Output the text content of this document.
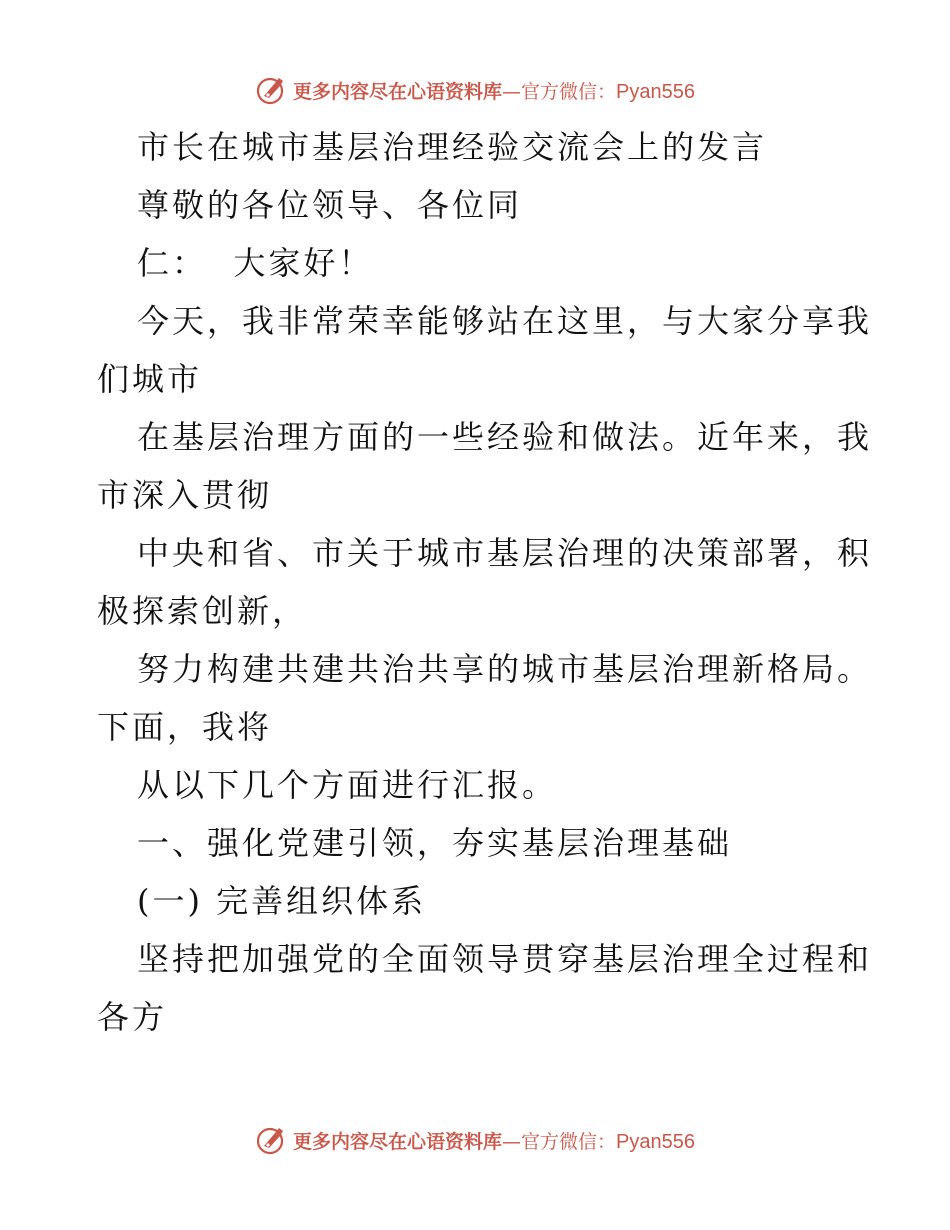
更多内容尽在心语资料库—官方微信：Pyan556
市长在城市基层治理经验交流会上的发言
尊敬的各位领导、各位同
仁：  大家好！
今天，我非常荣幸能够站在这里，与大家分享我
们城市
在基层治理方面的一些经验和做法。近年来，我
市深入贯彻
中央和省、市关于城市基层治理的决策部署，积
极探索创新，
努力构建共建共治共享的城市基层治理新格局。
下面，我将
从以下几个方面进行汇报。
一、强化党建引领，夯实基层治理基础
(一) 完善组织体系
坚持把加强党的全面领导贯穿基层治理全过程和
各方
更多内容尽在心语资料库—官方微信：Pyan556
